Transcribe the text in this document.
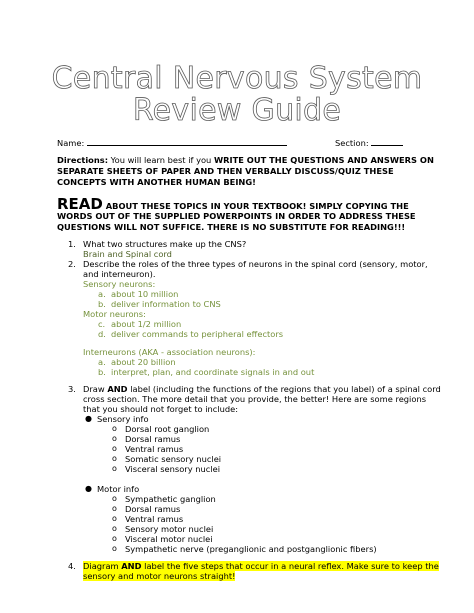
Central Nervous System
Review Guide
Name:	Section:
Directions: You will learn best if you WRITE OUT THE QUESTIONS AND ANSWERS ON
SEPARATE SHEETS OF PAPER AND THEN VERBALLY DISCUSS/QUIZ THESE
CONCEPTS WITH ANOTHER HUMAN BEING!
READ ABOUT THESE TOPICS IN YOUR TEXTBOOK! SIMPLY COPYING THE
WORDS OUT OF THE SUPPLIED POWERPOINTS IN ORDER TO ADDRESS THESE
QUESTIONS WILL NOT SUFFICE. THERE IS NO SUBSTITUTE FOR READING!!!
1. What two structures make up the CNS?
Brain and Spinal cord
2. Describe the roles of the three types of neurons in the spinal cord (sensory, motor,
and interneuron).
Sensory neurons:
a. about 10 million
b. deliver information to CNS
Motor neurons:
c. about 1/2 million
d. deliver commands to peripheral effectors
Interneurons (AKA - association neurons):
a. about 20 billion
b. interpret, plan, and coordinate signals in and out
3. Draw AND label (including the functions of the regions that you label) of a spinal cord
cross section. The more detail that you provide, the better! Here are some regions
that you should not forget to include:
● Sensory info
o Dorsal root ganglion
o Dorsal ramus
o Ventral ramus
o Somatic sensory nuclei
o Visceral sensory nuclei
● Motor info
o Sympathetic ganglion
o Dorsal ramus
o Ventral ramus
o Sensory motor nuclei
o Visceral motor nuclei
o Sympathetic nerve (preganglionic and postganglionic fibers)
4. Diagram AND label the five steps that occur in a neural reflex. Make sure to keep the
sensory and motor neurons straight!
